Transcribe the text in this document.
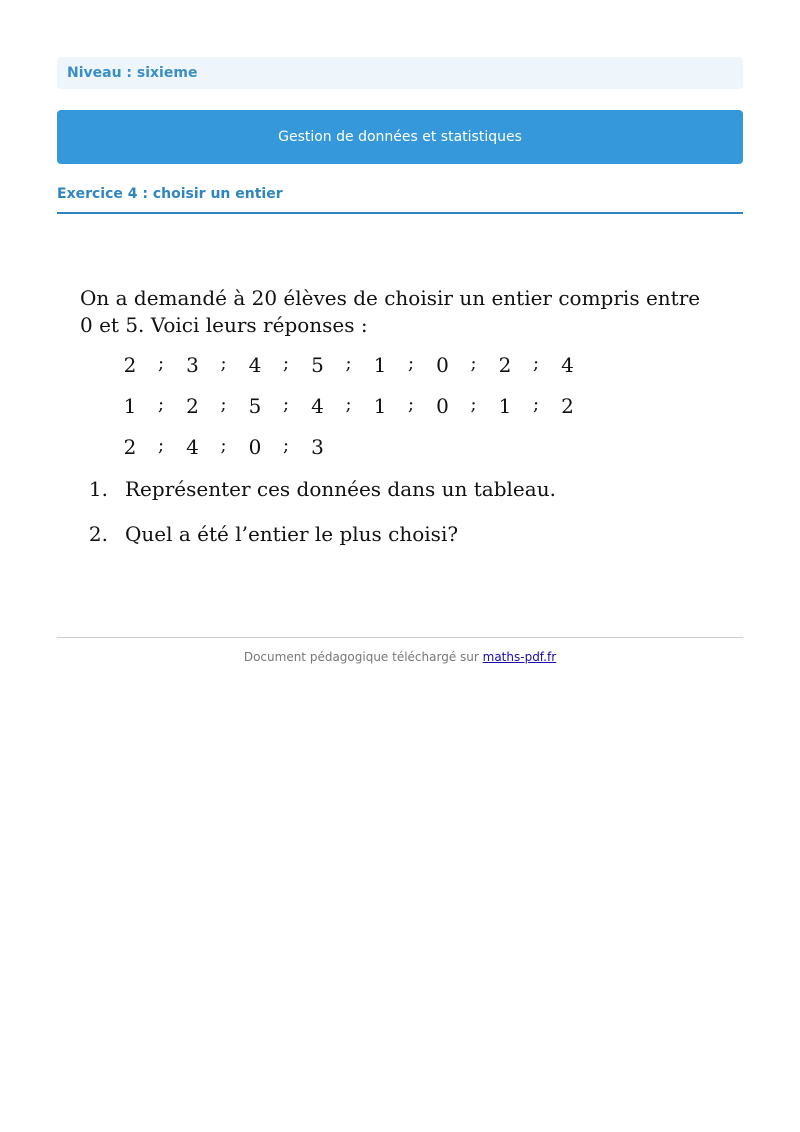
Niveau : sixieme
Gestion de données et statistiques
Exercice 4 : choisir un entier

On a demandé à 20 élèves de choisir un entier compris entre

0 et 5. Voici leurs réponses :

2 ; 3 ; 4 ; 5 ; 1 ; 0 ; 2 ; 4
1 ; 2 ; 5 ; 4 ; 1 ; 0 ; 1 ; 2
2 ; 4 ; 0 ; 3
1. Représenter ces données dans un tableau.
2. Quel a été l’entier le plus choisi?
Document pédagogique téléchargé sur maths-pdf.fr
